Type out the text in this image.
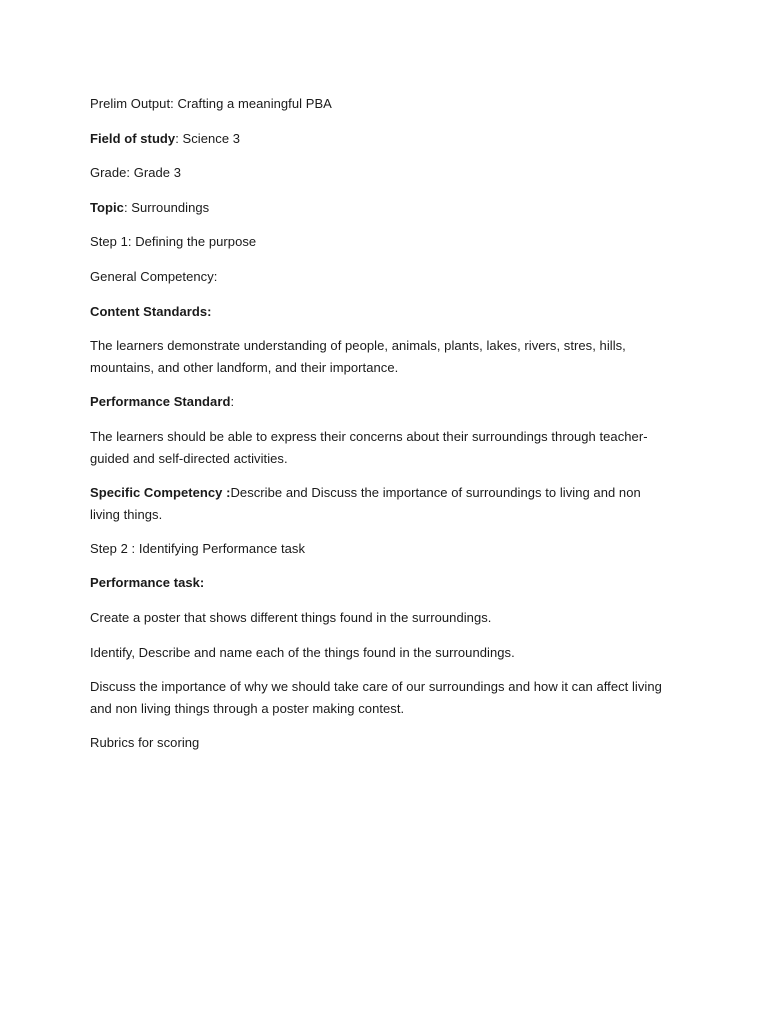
Prelim Output: Crafting a meaningful PBA

Field of study: Science 3

Grade: Grade 3

Topic: Surroundings

Step 1: Defining the purpose

General Competency:

Content Standards:

The learners demonstrate understanding of people, animals, plants, lakes, rivers, stres, hills, mountains, and other landform, and their importance.

Performance Standard:

The learners should be able to express their concerns about their surroundings through teacher-guided and self-directed activities.

Specific Competency :Describe and Discuss the importance of surroundings to living and non living things.

Step 2 : Identifying Performance task

Performance task:

Create a poster that shows different things found in the surroundings.

Identify, Describe and name each of the things found in the surroundings.

Discuss the importance of why we should take care of our surroundings and how it can affect living and non living things through a poster making contest.

Rubrics for scoring
